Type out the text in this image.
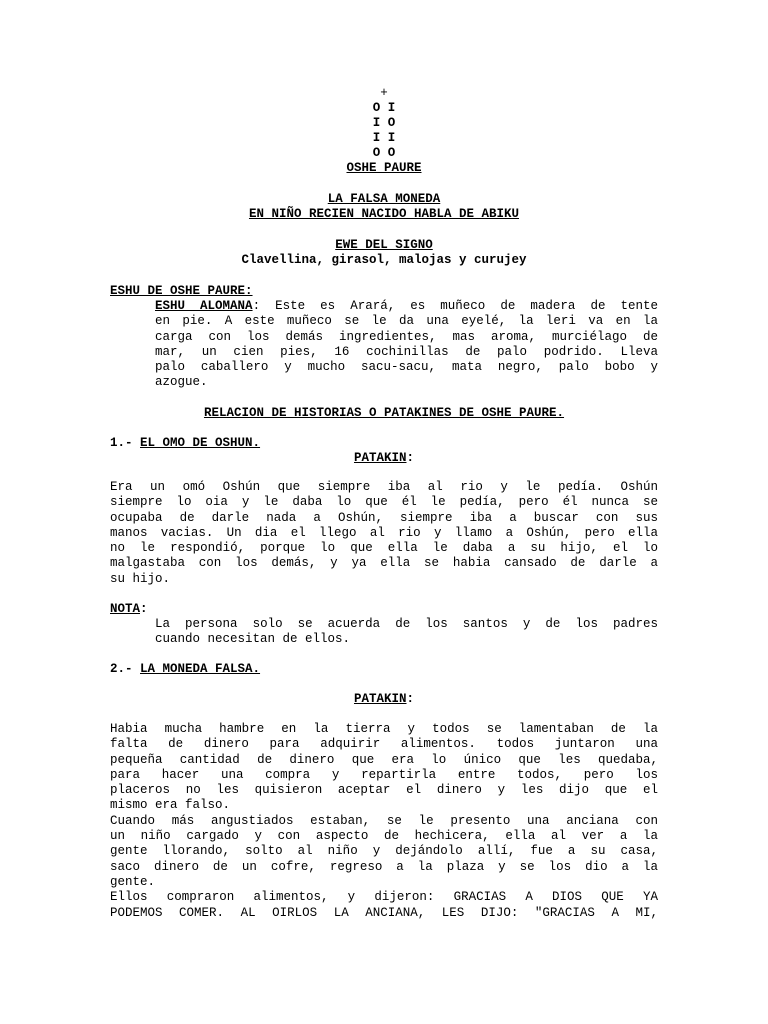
+
O I
I O
I I
O O
OSHE PAURE
LA FALSA MONEDA
EN NIÑO RECIEN NACIDO HABLA DE ABIKU
EWE DEL SIGNO
Clavellina, girasol, malojas y curujey
ESHU DE OSHE PAURE:
ESHU ALOMANA: Este es Arará, es muñeco de madera de tente
en pie. A este muñeco se le da una eyelé, la leri va en la
carga con los demás ingredientes, mas aroma, murciélago de
mar, un cien pies, 16 cochinillas de palo podrido. Lleva
palo caballero y mucho sacu-sacu, mata negro, palo bobo y
azogue.
RELACION DE HISTORIAS O PATAKINES DE OSHE PAURE.
1.- EL OMO DE OSHUN.
PATAKIN:
Era un omó Oshún que siempre iba al rio y le pedía. Oshún
siempre lo oia y le daba lo que él le pedía, pero él nunca se
ocupaba de darle nada a Oshún, siempre iba a buscar con sus
manos vacias. Un dia el llego al rio y llamo a Oshún, pero ella
no le respondió, porque lo que ella le daba a su hijo, el lo
malgastaba con los demás, y ya ella se habia cansado de darle a
su hijo.
NOTA:
La persona solo se acuerda de los santos y de los padres
cuando necesitan de ellos.
2.- LA MONEDA FALSA.
PATAKIN:
Habia mucha hambre en la tierra y todos se lamentaban de la
falta de dinero para adquirir alimentos. todos juntaron una
pequeña cantidad de dinero que era lo único que les quedaba,
para hacer una compra y repartirla entre todos, pero los
placeros no les quisieron aceptar el dinero y les dijo que el
mismo era falso.
Cuando más angustiados estaban, se le presento una anciana con
un niño cargado y con aspecto de hechicera, ella al ver a la
gente llorando, solto al niño y dejándolo allí, fue a su casa,
saco dinero de un cofre, regreso a la plaza y se los dio a la
gente.
Ellos compraron alimentos, y dijeron: GRACIAS A DIOS QUE YA
PODEMOS COMER. AL OIRLOS LA ANCIANA, LES DIJO: "GRACIAS A MI,
